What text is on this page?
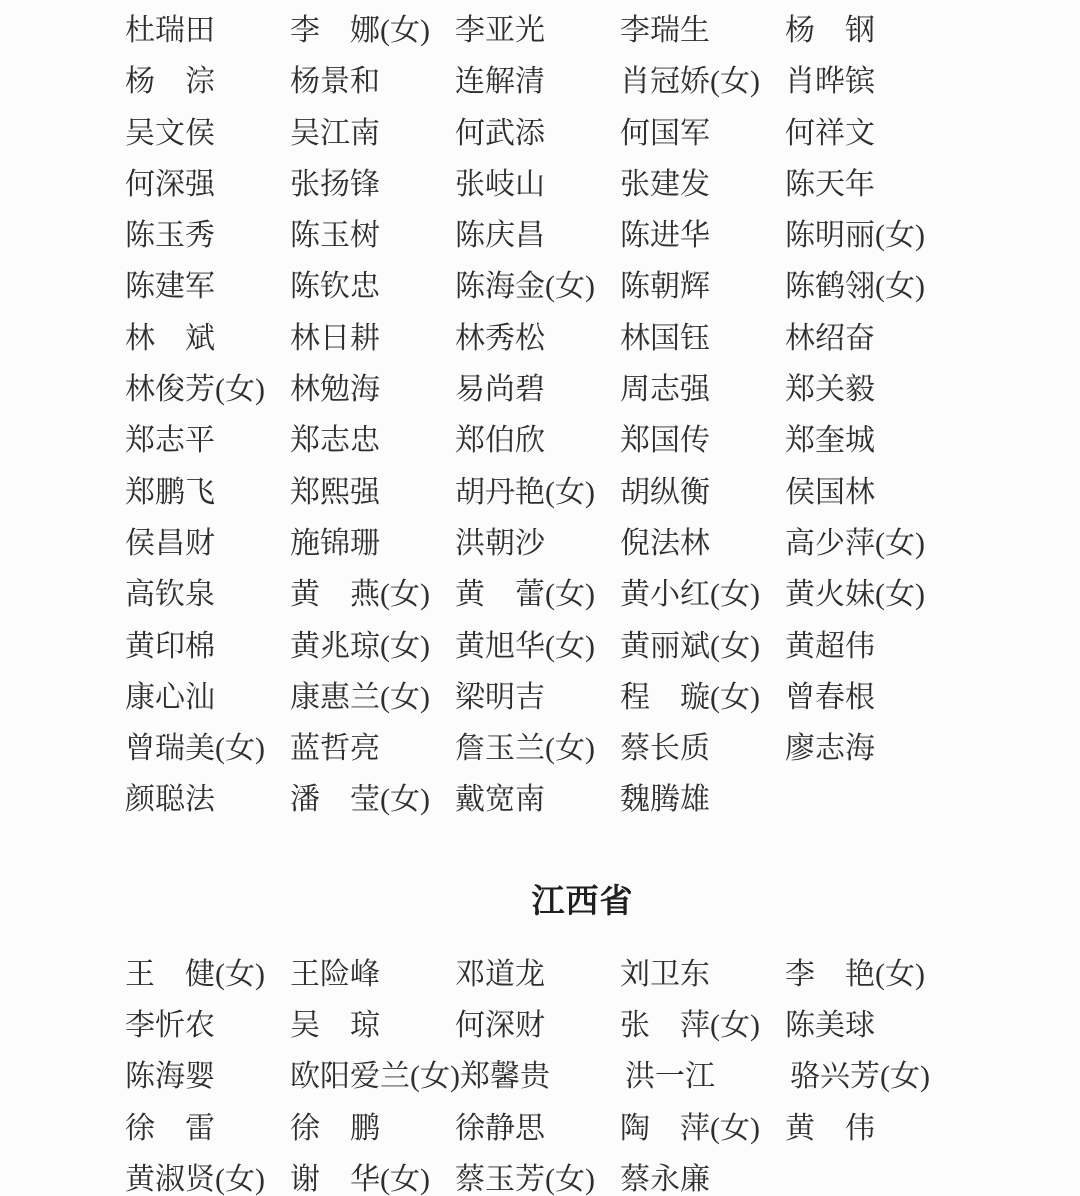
杜瑞田	李　娜(女) 李亚光	李瑞生	杨　钢
杨　淙	杨景和	连解清	肖冠娇(女) 肖晔镔
吴文侯	吴江南	何武添	何国军	何祥文
何深强	张扬锋	张岐山	张建发	陈天年
陈玉秀	陈玉树	陈庆昌	陈进华	陈明丽(女)
陈建军	陈钦忠	陈海金(女) 陈朝辉	陈鹤翎(女)
林　斌	林日耕	林秀松	林国钰	林绍奋
林俊芳(女) 林勉海	易尚碧	周志强	郑关毅
郑志平	郑志忠	郑伯欣	郑国传	郑奎城
郑鹏飞	郑熙强	胡丹艳(女) 胡纵衡	侯国林
侯昌财	施锦珊	洪朝沙	倪法林	高少萍(女)
高钦泉	黄　燕(女) 黄　蕾(女) 黄小红(女) 黄火妹(女)
黄印棉	黄兆琼(女) 黄旭华(女) 黄丽斌(女) 黄超伟
康心汕	康惠兰(女) 梁明吉	程　璇(女) 曾春根
曾瑞美(女) 蓝哲亮	詹玉兰(女) 蔡长质	廖志海
颜聪法	潘　莹(女) 戴宽南	魏腾雄
江西省
王　健(女) 王险峰	邓道龙	刘卫东	李　艳(女)
李忻农	吴　琼	何深财	张　萍(女) 陈美球
陈海婴	欧阳爱兰(女)郑馨贵	洪一江	骆兴芳(女)
徐　雷	徐　鹏	徐静思	陶　萍(女) 黄　伟
黄淑贤(女) 谢　华(女) 蔡玉芳(女) 蔡永廉
